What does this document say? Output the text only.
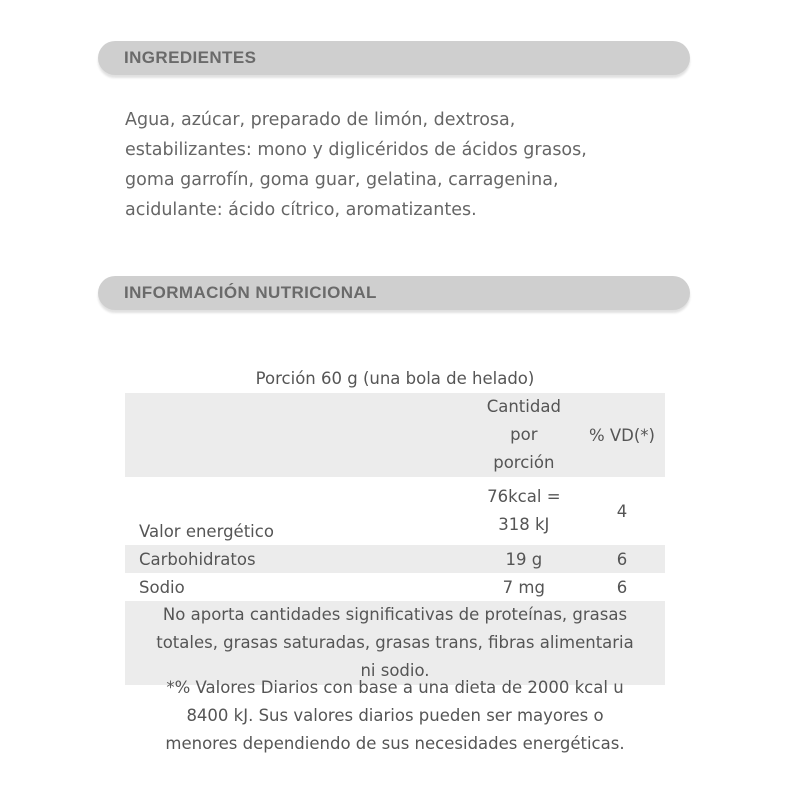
INGREDIENTES
Agua, azúcar, preparado de limón, dextrosa,
estabilizantes: mono y diglicéridos de ácidos grasos,
goma garrofín, goma guar, gelatina, carragenina,
acidulante: ácido cítrico, aromatizantes.
INFORMACIÓN NUTRICIONAL
Porción 60 g (una bola de helado)

	Cantidad
por
porción	% VD(*)
Valor energético	76kcal =
318 kJ	4
Carbohidratos	19 g	6
Sodio	7 mg	6

No aporta cantidades significativas de proteínas, grasas
totales, grasas saturadas, grasas trans, fibras alimentaria
ni sodio.		
*% Valores Diarios con base a una dieta de 2000 kcal u
8400 kJ. Sus valores diarios pueden ser mayores o
menores dependiendo de sus necesidades energéticas.
